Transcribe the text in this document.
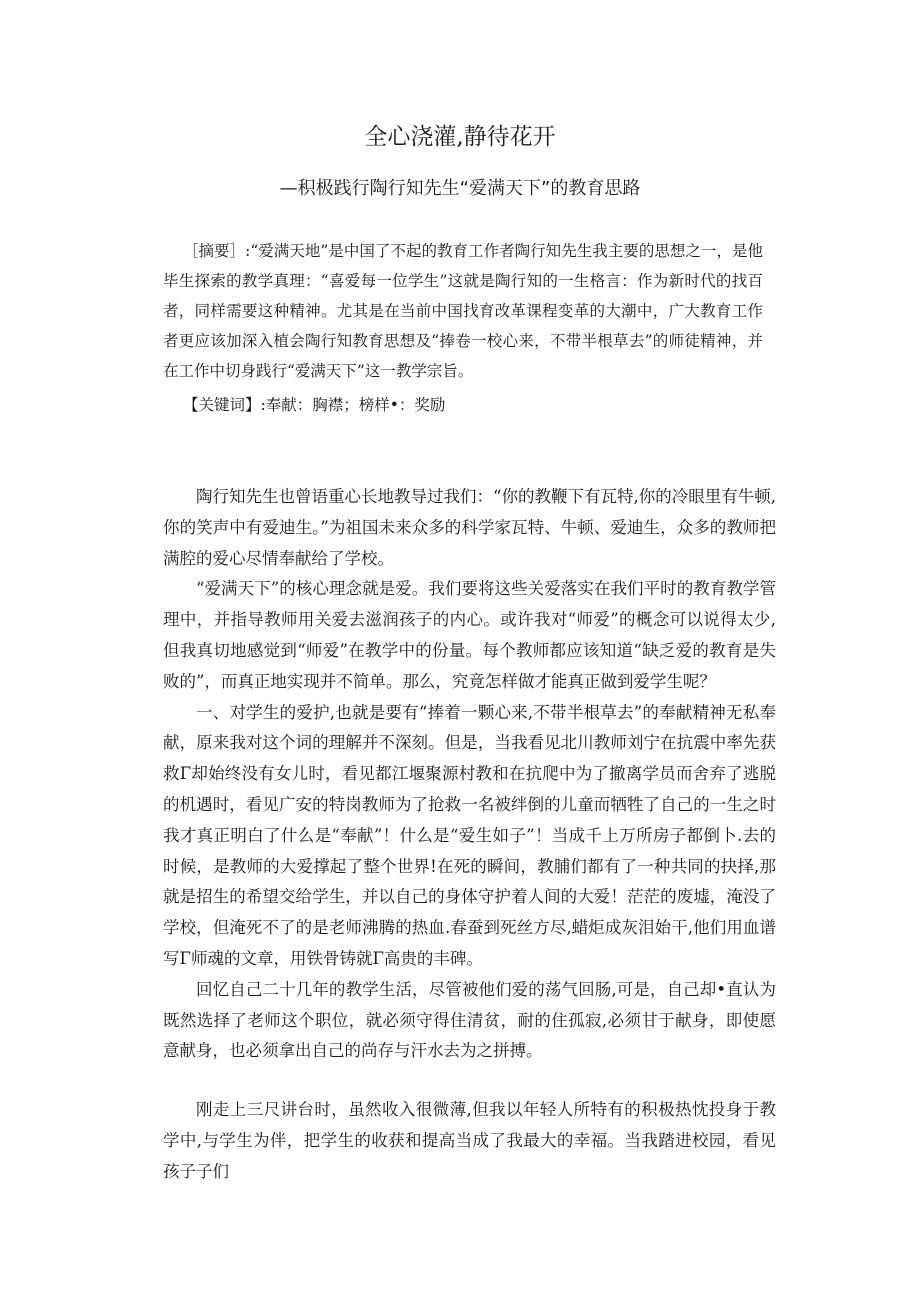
全心浇灌,静待花开
—积极践行陶行知先生“爱满天下”的教育思路

［摘要］:“爱满天地”是中国了不起的教育工作者陶行知先生我主要的思想之一，是他毕生探索的教学真理：“喜爱每一位学生”这就是陶行知的一生格言：作为新时代的找百者，同样需要这种精神。尤其是在当前中国找育改革课程变革的大潮中，广大教育工作者更应该加深入植会陶行知教育思想及“捧卷一校心来，不带半根草去”的师徒精神，并在工作中切身践行“爱满天下”这一教学宗旨。

【关键词】:奉献：胸襟；榜样•：奖励

陶行知先生也曾语重心长地教导过我们：“你的教鞭下有瓦特,你的冷眼里有牛顿,你的笑声中有爱迪生。”为祖国未来众多的科学家瓦特、牛顿、爱迪生，众多的教师把满腔的爱心尽情奉献给了学校。

“爱满天下”的核心理念就是爱。我们要将这些关爱落实在我们平时的教育教学管理中，并指导教师用关爱去滋润孩子的内心。或许我对“师爱”的概念可以说得太少,但我真切地感觉到“师爱”在教学中的份量。每个教师都应该知道“缺乏爱的教育是失败的”，而真正地实现并不简单。那么，究竟怎样做才能真正做到爱学生呢？

一、对学生的爱护,也就是要有“捧着一颗心来,不带半根草去”的奉献精神无私奉献，原来我对这个词的理解并不深刻。但是，当我看见北川教师刘宁在抗震中率先获救Γ却始终没有女儿时，看见都江堰聚源村教和在抗爬中为了撤离学员而舍弃了逃脱的机遇时，看见广安的特岗教师为了抢救一名被绊倒的儿童而牺牲了自己的一生之时我才真正明白了什么是“奉献”！什么是“爱生如子”！当成千上万所房子都倒卜.去的时候，是教师的大爱撑起了整个世界!在死的瞬间，教脯们都有了一种共同的抉择,那就是招生的希望交给学生，并以自己的身体守护着人间的大爱！茫茫的废墟，淹没了学校，但淹死不了的是老师沸腾的热血.春蚕到死丝方尽,蜡炬成灰泪始干,他们用血谱写Γ师魂的文章，用铁骨铸就Γ高贵的丰碑。

回忆自己二十几年的教学生活，尽管被他们爱的荡气回肠,可是，自己却•直认为既然选择了老师这个职位，就必须守得住清贫，耐的住孤寂,必须甘于献身，即使愿意献身，也必须拿出自己的尚存与汗水去为之拼搏。

刚走上三尺讲台时，虽然收入很微薄,但我以年轻人所特有的积极热忱投身于教学中,与学生为伴，把学生的收获和提高当成了我最大的幸福。当我踏进校园，看见孩子子们
